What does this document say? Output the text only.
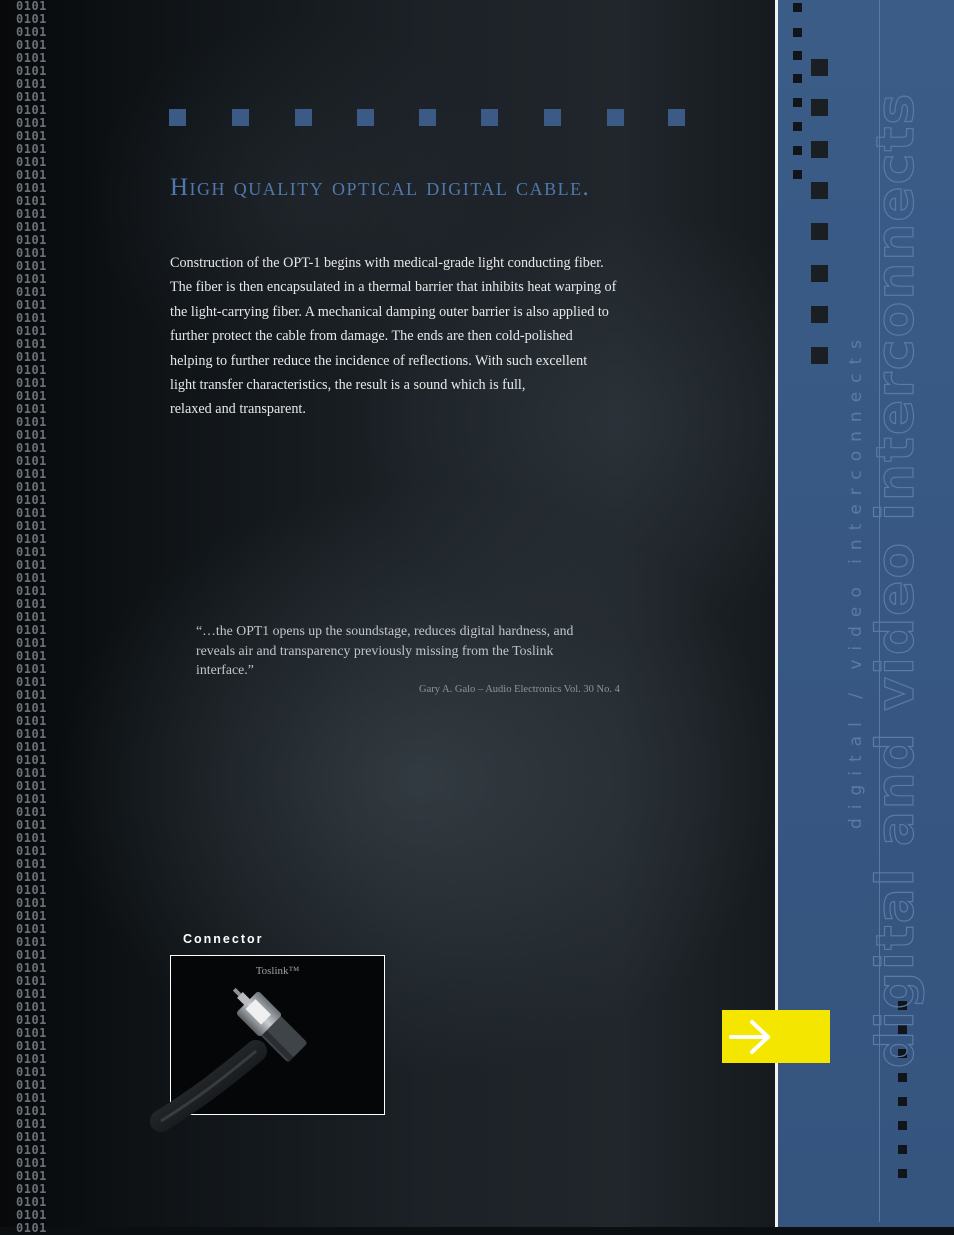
0101
0101
0101
0101
0101
0101
0101
0101
0101
0101
0101
0101
0101
0101
0101
0101
0101
0101
0101
0101
0101
0101
0101
0101
0101
0101
0101
0101
0101
0101
0101
0101
0101
0101
0101
0101
0101
0101
0101
0101
0101
0101
0101
0101
0101
0101
0101
0101
0101
0101
0101
0101
0101
0101
0101
0101
0101
0101
0101
0101
0101
0101
0101
0101
0101
0101
0101
0101
0101
0101
0101
0101
0101
0101
0101
0101
0101
0101
0101
0101
0101
0101
0101
0101
0101
0101
0101
0101
0101
0101
0101
0101
0101
0101
0101
High quality optical digital cable.
Construction of the OPT-1 begins with medical-grade light conducting fiber.
The fiber is then encapsulated in a thermal barrier that inhibits heat warping of
the light-carrying fiber. A mechanical damping outer barrier is also applied to
further protect the cable from damage. The ends are then cold-polished
helping to further reduce the incidence of reflections. With such excellent
light transfer characteristics, the result is a sound which is full,
relaxed and transparent.
“…the OPT1 opens up the soundstage, reduces digital hardness, and
reveals air and transparency previously missing from the Toslink
interface.”
Gary A. Galo – Audio Electronics Vol. 30 No. 4
Connector
Toslink™	digital and video interconnects
digital / video interconnects
